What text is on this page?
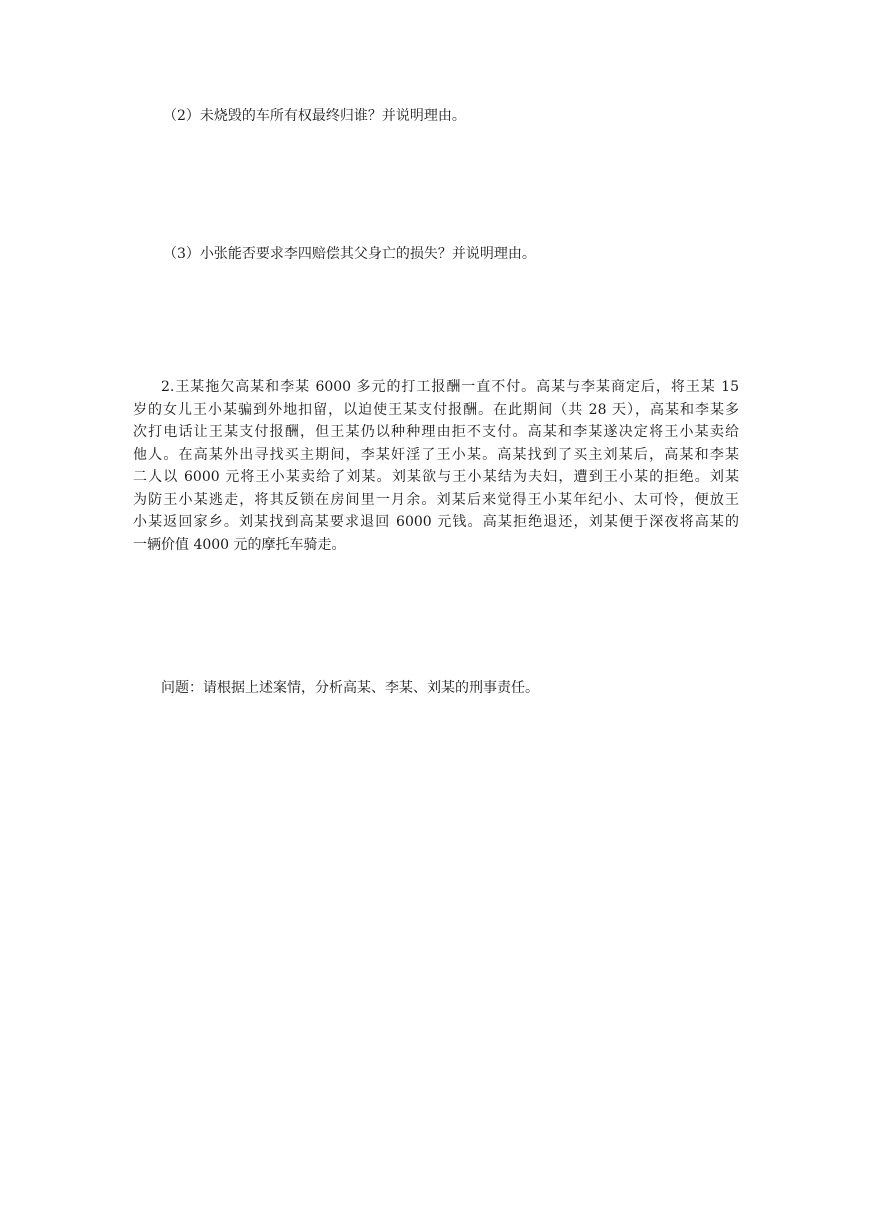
（2）未烧毁的车所有权最终归谁？并说明理由。
（3）小张能否要求李四赔偿其父身亡的损失？并说明理由。
2.王某拖欠高某和李某 6000 多元的打工报酬一直不付。高某与李某商定后，将王某 15
岁的女儿王小某骗到外地扣留，以迫使王某支付报酬。在此期间（共 28 天），高某和李某多
次打电话让王某支付报酬，但王某仍以种种理由拒不支付。高某和李某遂决定将王小某卖给
他人。在高某外出寻找买主期间，李某奸淫了王小某。高某找到了买主刘某后，高某和李某
二人以 6000 元将王小某卖给了刘某。刘某欲与王小某结为夫妇，遭到王小某的拒绝。刘某
为防王小某逃走，将其反锁在房间里一月余。刘某后来觉得王小某年纪小、太可怜，便放王
小某返回家乡。刘某找到高某要求退回 6000 元钱。高某拒绝退还，刘某便于深夜将高某的
一辆价值 4000 元的摩托车骑走。
问题：请根据上述案情，分析高某、李某、刘某的刑事责任。
